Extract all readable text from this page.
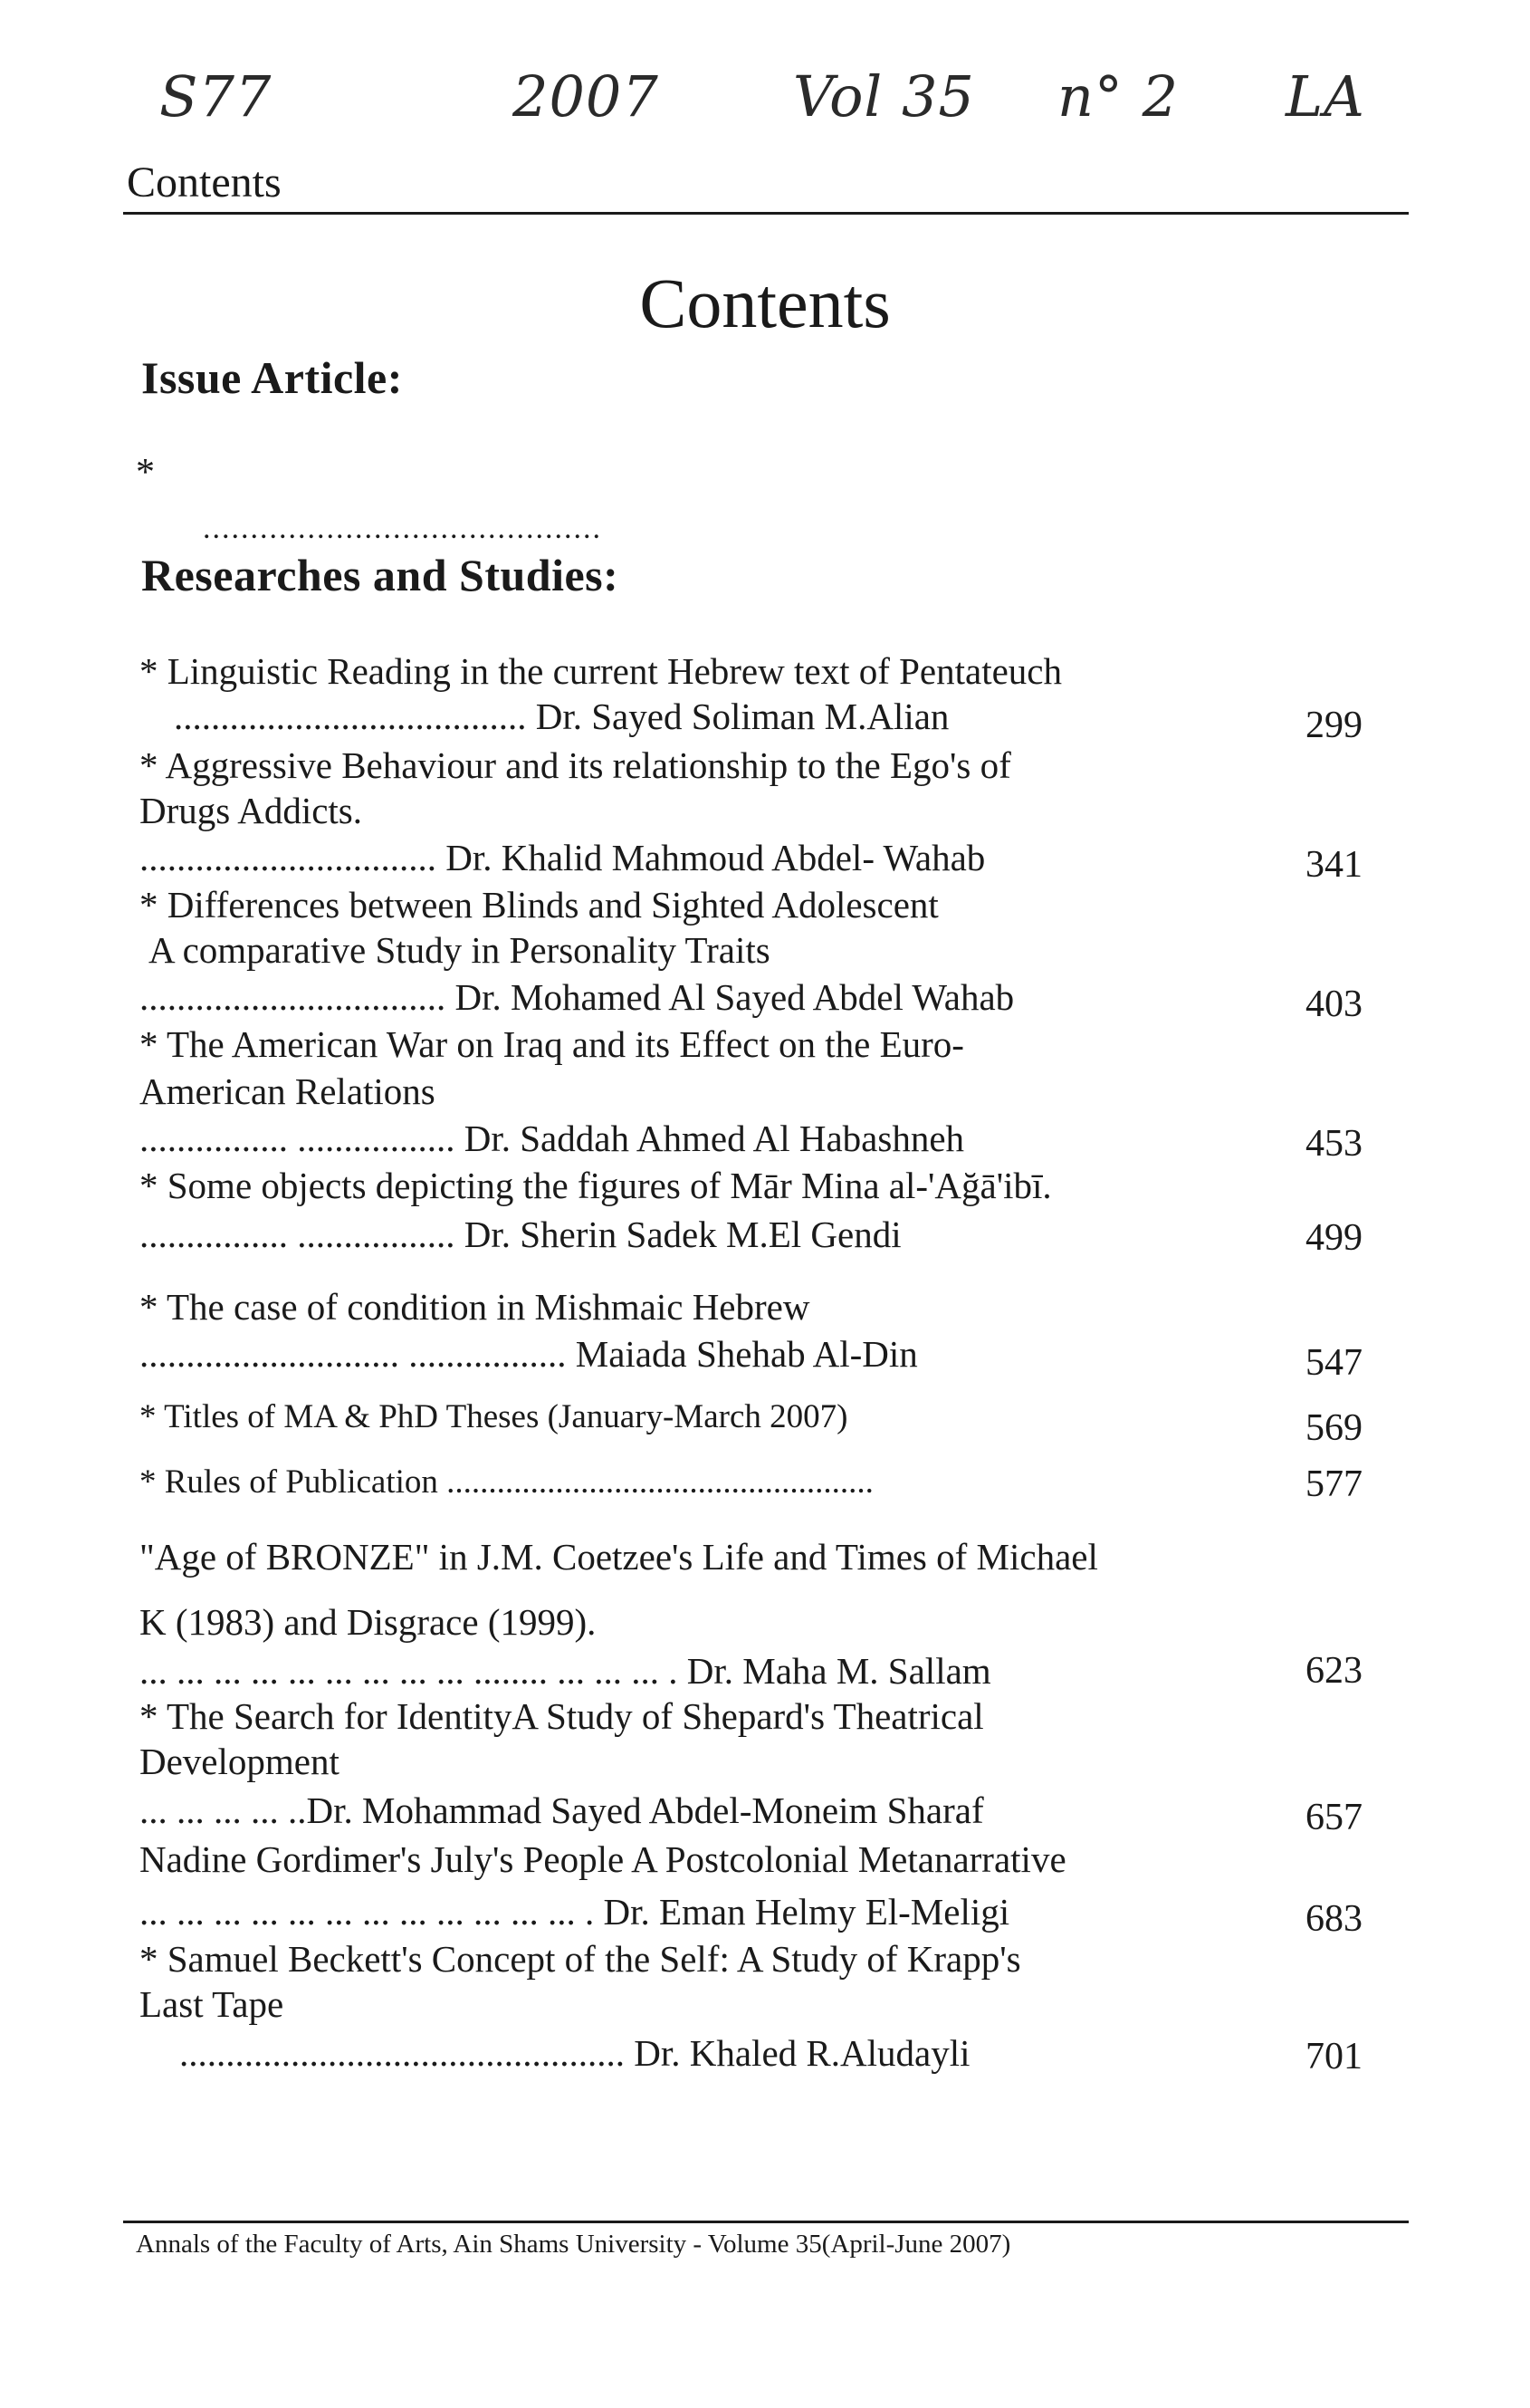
S77	2007 Vol 35 n° 2 LA
Contents
Contents
Issue Article:
*
..........................................
Researches and Studies:
* Linguistic Reading in the current Hebrew text of Pentateuch
...................................... Dr. Sayed Soliman M.Alian	299
* Aggressive Behaviour and its relationship to the Ego's of
Drugs Addicts.
................................ Dr. Khalid Mahmoud Abdel- Wahab	341
* Differences between Blinds and Sighted Adolescent
A comparative Study in Personality Traits
................................. Dr. Mohamed Al Sayed Abdel Wahab	403
* The American War on Iraq and its Effect on the Euro-
American Relations
................ ................. Dr. Saddah Ahmed Al Habashneh	453
* Some objects depicting the figures of Mār Mina al-'Ağā'ibī.
................ ................. Dr. Sherin Sadek M.El Gendi	499
* The case of condition in Mishmaic Hebrew
............................ ................. Maiada Shehab Al-Din	547
* Titles of MA & PhD Theses (January-March 2007)	569
* Rules of Publication ...................................................	577
"Age of BRONZE" in J.M. Coetzee's Life and Times of Michael
K (1983) and Disgrace (1999).
... ... ... ... ... ... ... ... ... ........ ... ... ... . Dr. Maha M. Sallam	623
* The Search for IdentityA Study of Shepard's Theatrical
Development
... ... ... ... ..Dr. Mohammad Sayed Abdel-Moneim Sharaf	657
Nadine Gordimer's July's People A Postcolonial Metanarrative
... ... ... ... ... ... ... ... ... ... ... ... . Dr. Eman Helmy El-Meligi	683
* Samuel Beckett's Concept of the Self: A Study of Krapp's
Last Tape
................................................ Dr. Khaled R.Aludayli	701
Annals of the Faculty of Arts, Ain Shams University - Volume 35(April-June 2007)
